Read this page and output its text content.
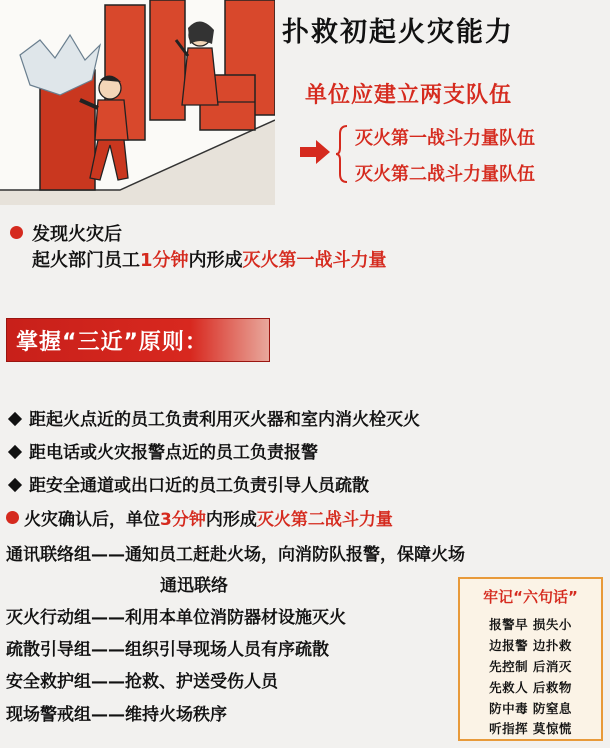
扑救初起火灾能力
单位应建立两支队伍
灭火第一战斗力量队伍
灭火第二战斗力量队伍
发现火灾后
起火部门员工1分钟内形成灭火第一战斗力量
掌握“三近”原则：
距起火点近的员工负责利用灭火器和室内消火栓灭火
距电话或火灾报警点近的员工负责报警
距安全通道或出口近的员工负责引导人员疏散
火灾确认后，单位3分钟内形成灭火第二战斗力量
通讯联络组——通知员工赶赴火场，向消防队报警，保障火场
通迅联络
灭火行动组——利用本单位消防器材设施灭火
疏散引导组——组织引导现场人员有序疏散
安全救护组——抢救、护送受伤人员
现场警戒组——维持火场秩序
牢记“六句话”
报警早 损失小
边报警 边扑救
先控制 后消灭
先救人 后救物
防中毒 防窒息
听指挥 莫惊慌
